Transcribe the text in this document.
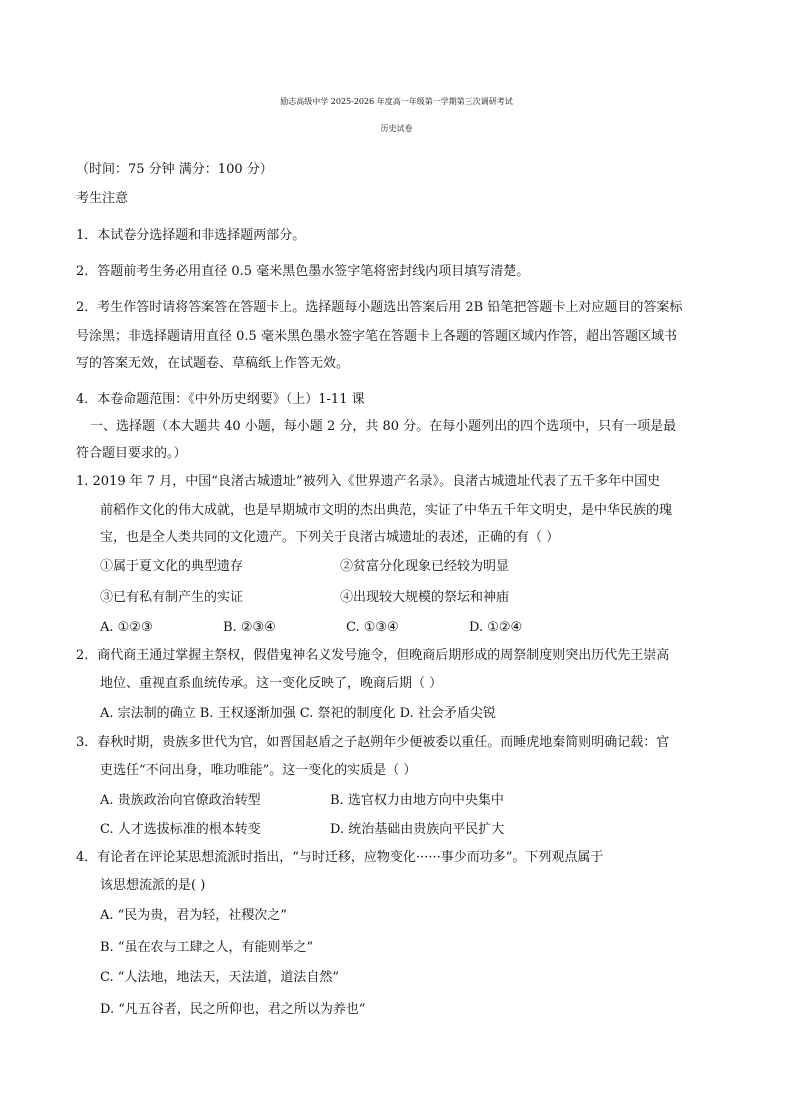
励志高级中学 2025-2026 年度高一年级第一学期第三次调研考试
历史试卷
（时间：75 分钟 满分：100 分）
考生注意
1．本试卷分选择题和非选择题两部分。
2．答题前考生务必用直径 0.5 毫米黑色墨水签字笔将密封线内项目填写清楚。
2．考生作答时请将答案答在答题卡上。选择题每小题选出答案后用 2B 铅笔把答题卡上对应题目的答案标
号涂黑；非选择题请用直径 0.5 毫米黑色墨水签字笔在答题卡上各题的答题区域内作答，超出答题区域书
写的答案无效，在试题卷、草稿纸上作答无效。
4．本卷命题范围：《中外历史纲要》（上）1-11 课
一、选择题（本大题共 40 小题，每小题 2 分，共 80 分。在每小题列出的四个选项中，只有一项是最
符合题目要求的。）
1. 2019 年 7 月，中国“良渚古城遗址”被列入《世界遗产名录》。良渚古城遗址代表了五千多年中国史
前稻作文化的伟大成就，也是早期城市文明的杰出典范，实证了中华五千年文明史，是中华民族的瑰
宝，也是全人类共同的文化遗产。下列关于良渚古城遗址的表述，正确的有（ ）
①属于夏文化的典型遗存	②贫富分化现象已经较为明显
③已有私有制产生的实证	④出现较大规模的祭坛和神庙
A. ①②③	B. ②③④	C. ①③④	D. ①②④
2．商代商王通过掌握主祭权，假借鬼神名义发号施令，但晚商后期形成的周祭制度则突出历代先王崇高
地位、重视直系血统传承。这一变化反映了，晚商后期（ ）
A. 宗法制的确立 B. 王权逐渐加强 C. 祭祀的制度化 D. 社会矛盾尖锐
3．春秋时期，贵族多世代为官，如晋国赵盾之子赵朔年少便被委以重任。而睡虎地秦简则明确记载：官
吏选任“不问出身，唯功唯能”。这一变化的实质是（ ）
A. 贵族政治向官僚政治转型	B. 选官权力由地方向中央集中
C. 人才选拔标准的根本转变	D. 统治基础由贵族向平民扩大
4．有论者在评论某思想流派时指出，“与时迁移，应物变化······事少而功多”。下列观点属于
该思想流派的是( )
A. “民为贵，君为轻，社稷次之”
B. “虽在农与工肆之人，有能则举之”
C. “人法地，地法天，天法道，道法自然”
D. “凡五谷者，民之所仰也，君之所以为养也”
